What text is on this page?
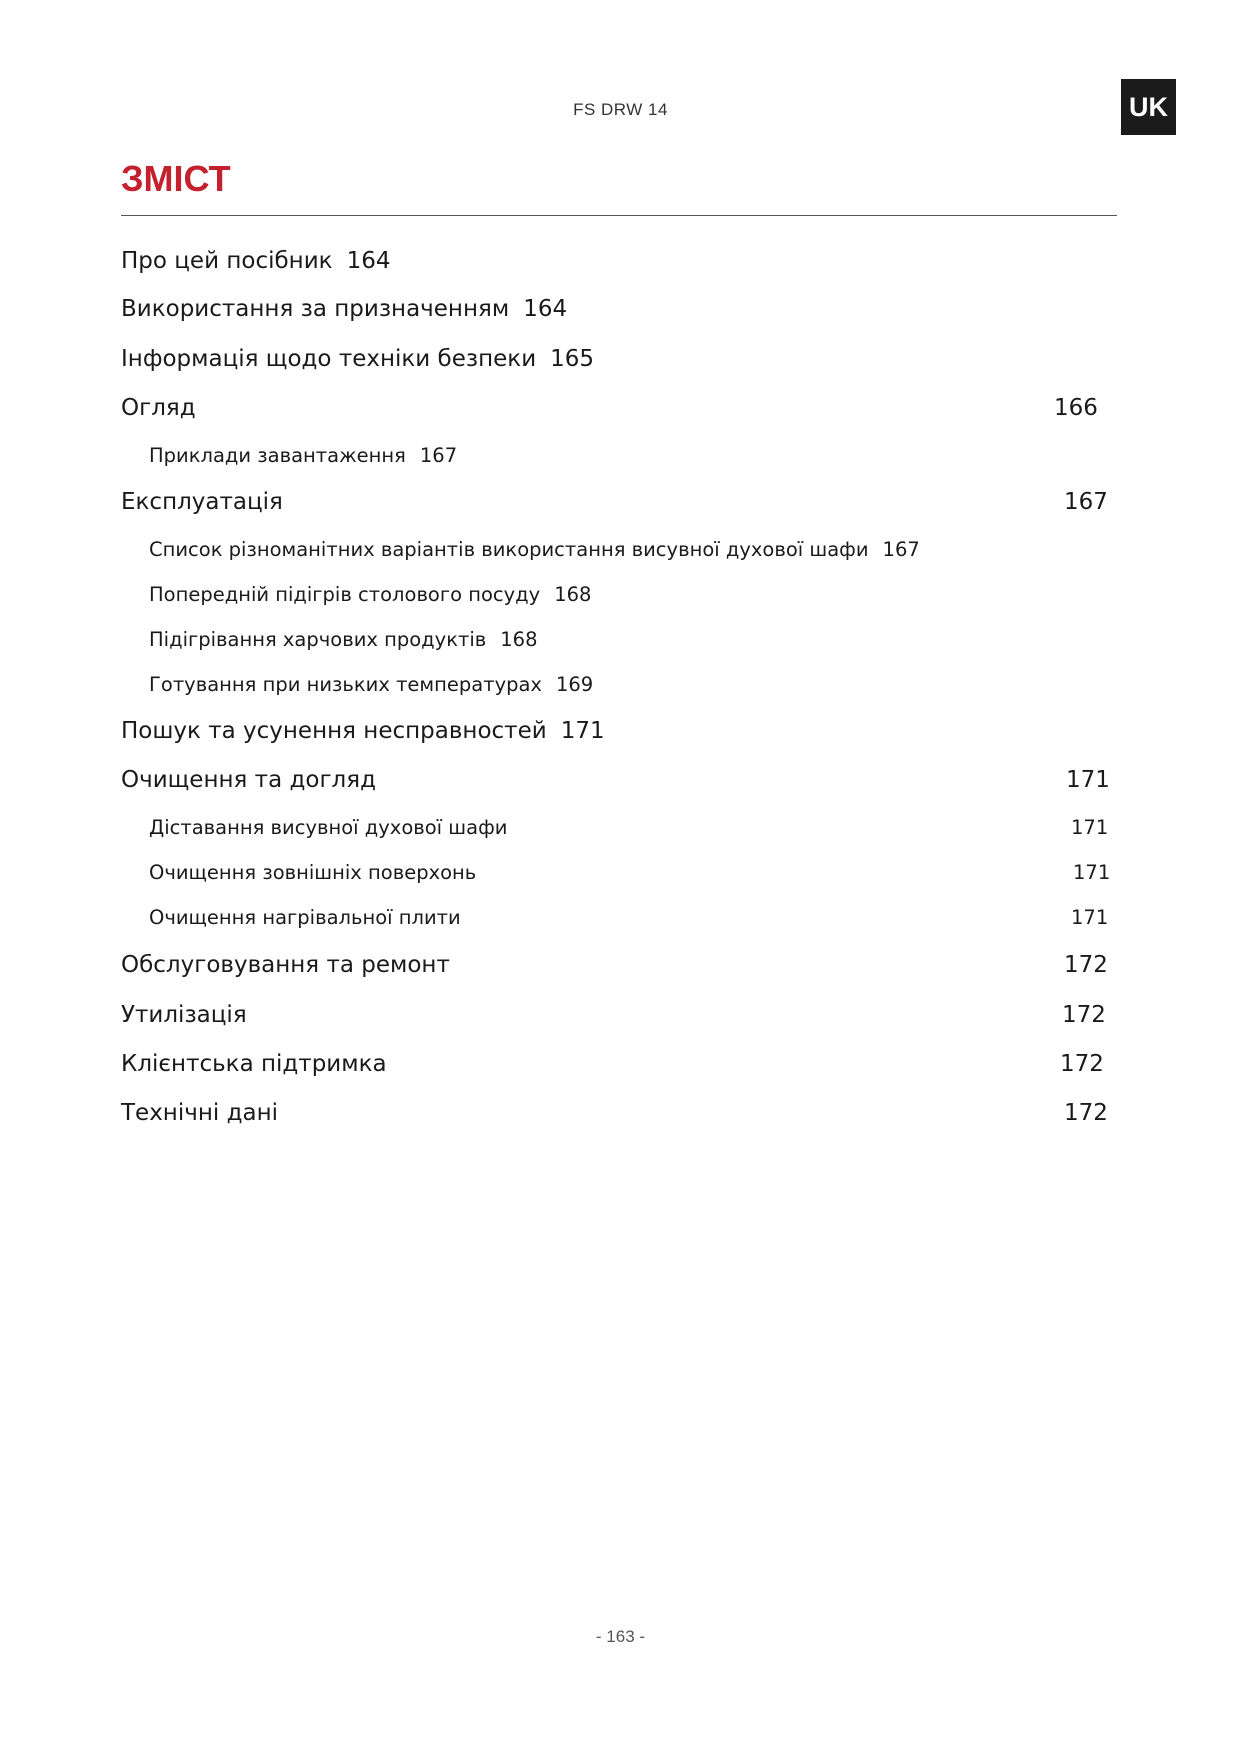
FS DRW 14	UK
ЗМІСТ
Про цей посібник 164
Використання за призначенням 164
Інформація щодо техніки безпеки 165
Огляд	166
Приклади завантаження 167
Експлуатація	167
Список різноманітних варіантів використання висувної духової шафи 167
Попередній підігрів столового посуду 168
Підігрівання харчових продуктів 168
Готування при низьких температурах 169
Пошук та усунення несправностей 171
Очищення та догляд	171
Діставання висувної духової шафи	171
Очищення зовнішніх поверхонь	171
Очищення нагрівальної плити	171
Обслуговування та ремонт	172
Утилізація	172
Клієнтська підтримка	172
Технічні дані	172
- 163 -
